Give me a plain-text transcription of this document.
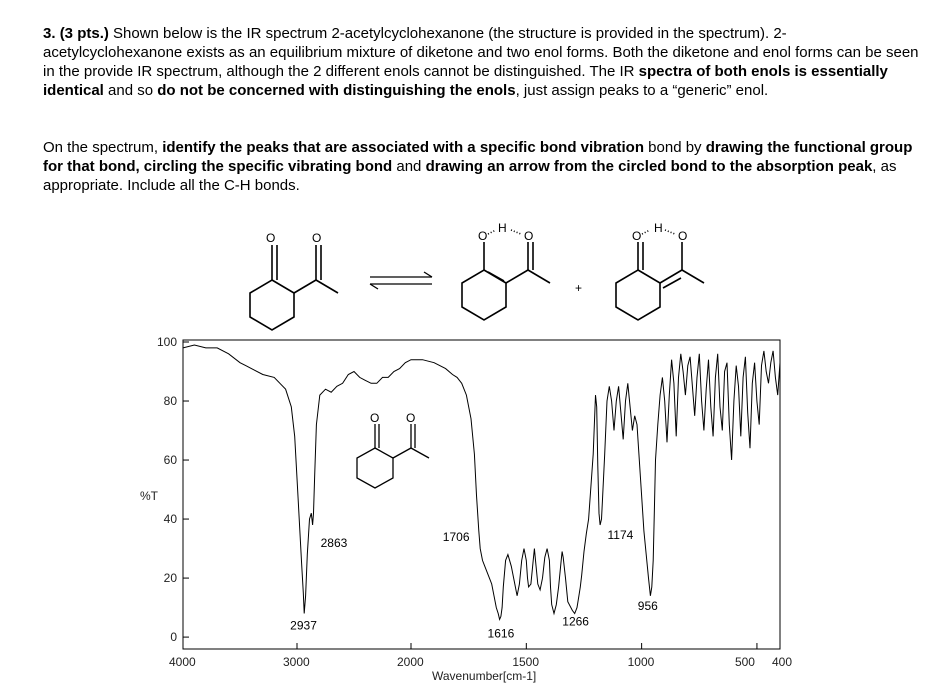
3. (3 pts.) Shown below is the IR spectrum 2-acetylcyclohexanone (the structure is provided in the spectrum). 2-acetylcyclohexanone exists as an equilibrium mixture of diketone and two enol forms. Both the diketone and enol forms can be seen in the provide IR spectrum, although the 2 different enols cannot be distinguished. The IR spectra of both enols is essentially identical and so do not be concerned with distinguishing the enols, just assign peaks to a “generic” enol.
On the spectrum, identify the peaks that are associated with a specific bond vibration bond by drawing the functional group for that bond, circling the specific vibrating bond and drawing an arrow from the circled bond to the absorption peak, as appropriate. Include all the C-H bonds.
O	O	O
H
O
+
O
H
O
O O
4000	3000	2000	1500	1000	500 400
100
80
60
40
20
0
2937
2863	1706
1616
1266
1174
956
Wavenumber[cm-1]
%T
